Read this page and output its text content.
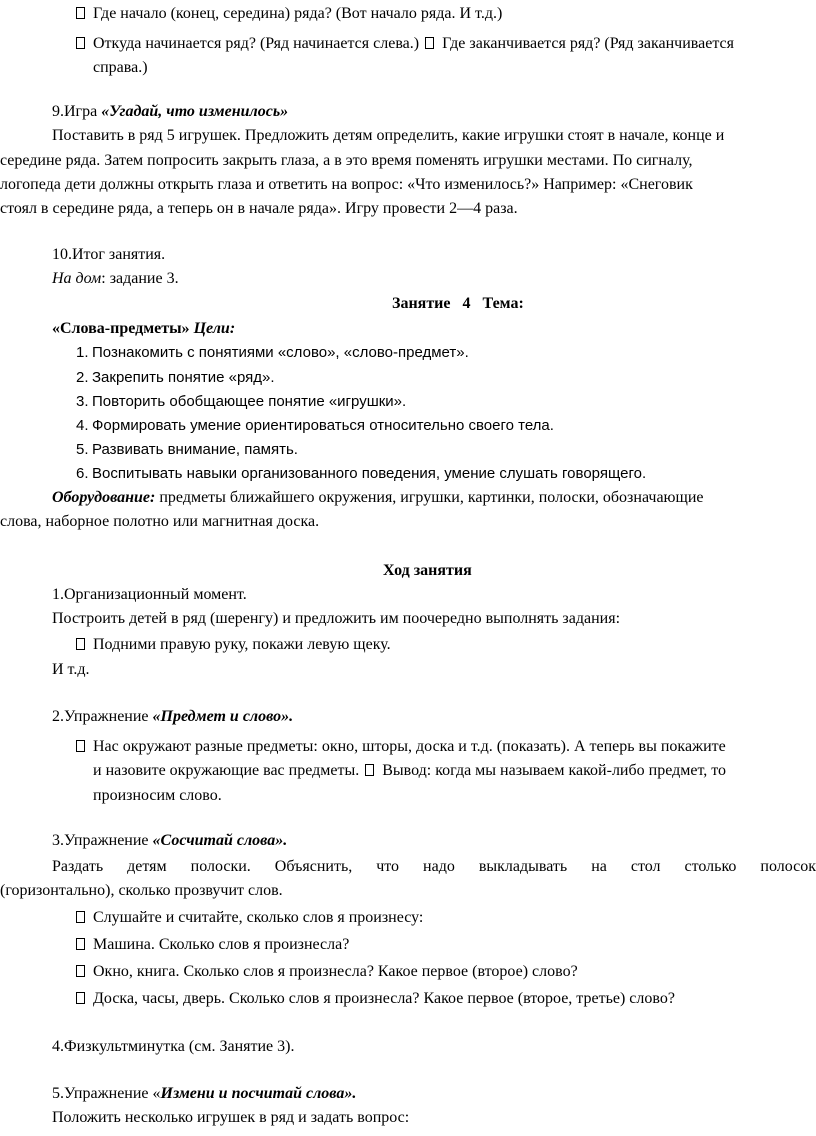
Где начало (конец, середина) ряда? (Вот начало ряда. И т.д.)
Откуда начинается ряд? (Ряд начинается слева.) Где заканчивается ряд? (Ряд заканчивается
справа.)
9.Игра «Угадай, что изменилось»
Поставить в ряд 5 игрушек. Предложить детям определить, какие игрушки стоят в начале, конце и
середине ряда. Затем попросить закрыть глаза, а в это время поменять игрушки местами. По сигналу,
логопеда дети должны открыть глаза и ответить на вопрос: «Что изменилось?» Например: «Снеговик
стоял в середине ряда, а теперь он в начале ряда». Игру провести 2—4 раза.
10.Итог занятия.
На дом: задание 3.
Занятие   4   Тема:
«Слова-предметы» Цели:
1. Познакомить с понятиями «слово», «слово-предмет».
2. Закрепить понятие «ряд».
3. Повторить обобщающее понятие «игрушки».
4. Формировать умение ориентироваться относительно своего тела.
5. Развивать внимание, память.
6. Воспитывать навыки организованного поведения, умение слушать говорящего.
Оборудование: предметы ближайшего окружения, игрушки, картинки, полоски, обозначающие
слова, наборное полотно или магнитная доска.
Ход занятия
1.Организационный момент.
Построить детей в ряд (шеренгу) и предложить им поочередно выполнять задания:
Подними правую руку, покажи левую щеку.
И т.д.
2.Упражнение «Предмет и слово».
Нас окружают разные предметы: окно, шторы, доска и т.д. (показать). А теперь вы покажите
и назовите окружающие вас предметы. Вывод: когда мы называем какой-либо предмет, то
произносим слово.
3.Упражнение «Сосчитай слова».
Раздать детям полоски. Объяснить, что надо выкладывать на стол столько полосок
(горизонтально), сколько прозвучит слов.
Слушайте и считайте, сколько слов я произнесу:
Машина. Сколько слов я произнесла?
Окно, книга. Сколько слов я произнесла? Какое первое (второе) слово?
Доска, часы, дверь. Сколько слов я произнесла? Какое первое (второе, третье) слово?
4.Физкультминутка (см. Занятие 3).
5.Упражнение «Измени и посчитай слова».
Положить несколько игрушек в ряд и задать вопрос:
